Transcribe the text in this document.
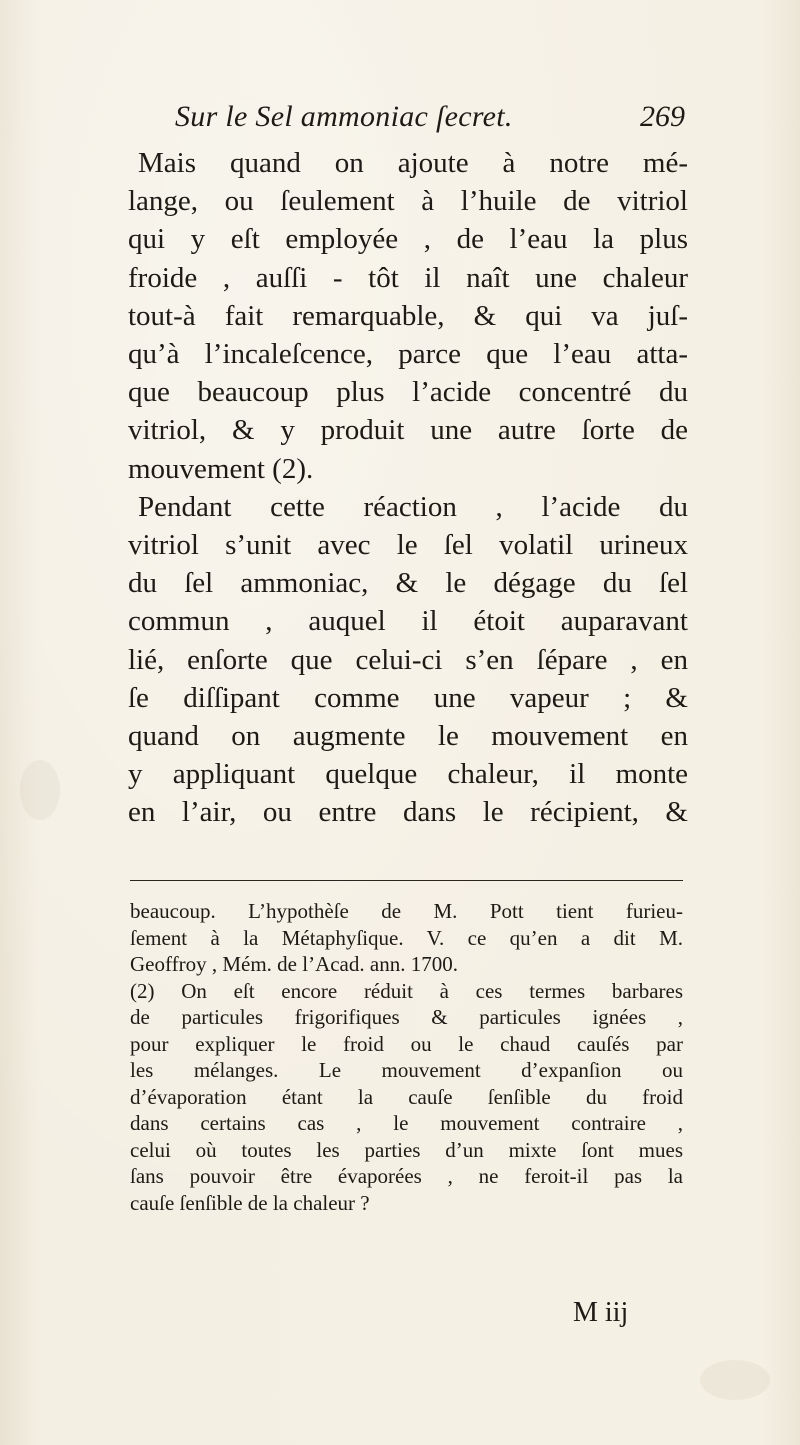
Sur le Sel ammoniac ſecret.	269
Mais quand on ajoute à notre mé-
lange, ou ſeulement à l’huile de vitriol
qui y eſt employée , de l’eau la plus
froide , auſſi - tôt il naît une chaleur
tout-à fait remarquable, & qui va juſ-
qu’à l’incaleſcence, parce que l’eau atta-
que beaucoup plus l’acide concentré du
vitriol, & y produit une autre ſorte de
mouvement (2).
Pendant cette réaction , l’acide du
vitriol s’unit avec le ſel volatil urineux
du ſel ammoniac, & le dégage du ſel
commun , auquel il étoit auparavant
lié, enſorte que celui-ci s’en ſépare , en
ſe diſſipant comme une vapeur ; &
quand on augmente le mouvement en
y appliquant quelque chaleur, il monte
en l’air, ou entre dans le récipient, &
beaucoup. L’hypothèſe de M. Pott tient furieu-
ſement à la Métaphyſique. V. ce qu’en a dit M.
Geoffroy , Mém. de l’Acad. ann. 1700.
(2) On eſt encore réduit à ces termes barbares
de particules frigorifiques & particules ignées ,
pour expliquer le froid ou le chaud cauſés par
les mélanges. Le mouvement d’expanſion ou
d’évaporation étant la cauſe ſenſible du froid
dans certains cas , le mouvement contraire ,
celui où toutes les parties d’un mixte ſont mues
ſans pouvoir être évaporées , ne feroit-il pas la
cauſe ſenſible de la chaleur ?
M iij
